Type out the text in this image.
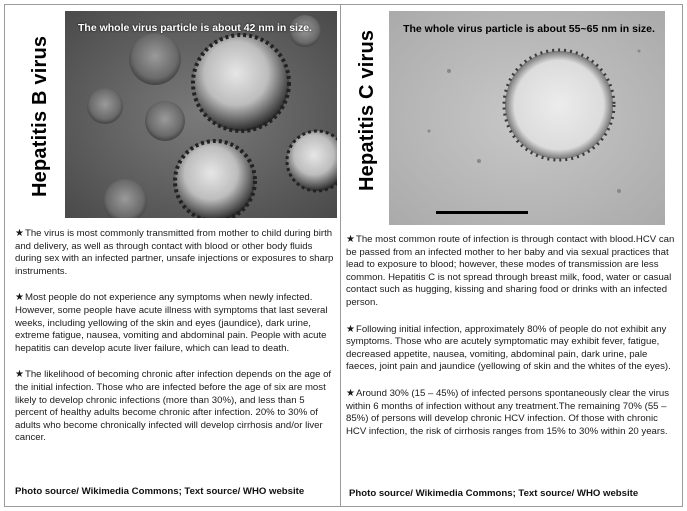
Hepatitis B virus
The whole virus particle is about 42 nm in size.

★The virus is most commonly transmitted from mother to child during birth and delivery, as well as through contact with blood or other body fluids during sex with an infected partner, unsafe injections or exposures to sharp instruments.

★Most people do not experience any symptoms when newly infected. However, some people have acute illness with symptoms that last several weeks, including yellowing of the skin and eyes (jaundice), dark urine, extreme fatigue, nausea, vomiting and abdominal pain. People with acute hepatitis can develop acute liver failure, which can lead to death.

★The likelihood of becoming chronic after infection depends on the age of the initial infection. Those who are infected before the age of six are most likely to develop chronic infections (more than 30%), and less than 5 percent of healthy adults become chronic after infection. 20% to 30% of adults who become chronically infected will develop cirrhosis and/or liver cancer.

Photo source/ Wikimedia Commons; Text source/ WHO website
Hepatitis C virus
The whole virus particle is about 55~65 nm in size.

★The most common route of infection is through contact with blood.HCV can be passed from an infected mother to her baby and via sexual practices that lead to exposure to blood; however, these modes of transmission are less common. Hepatitis C is not spread through breast milk, food, water or casual contact such as hugging, kissing and sharing food or drinks with an infected person.

★Following initial infection, approximately 80% of people do not exhibit any symptoms. Those who are acutely symptomatic may exhibit fever, fatigue, decreased appetite, nausea, vomiting, abdominal pain, dark urine, pale faeces, joint pain and jaundice (yellowing of skin and the whites of the eyes).

★Around 30% (15 – 45%) of infected persons spontaneously clear the virus within 6 months of infection without any treatment.The remaining 70% (55 – 85%) of persons will develop chronic HCV infection. Of those with chronic HCV infection, the risk of cirrhosis ranges from 15% to 30% within 20 years.

Photo source/ Wikimedia Commons; Text source/ WHO website
